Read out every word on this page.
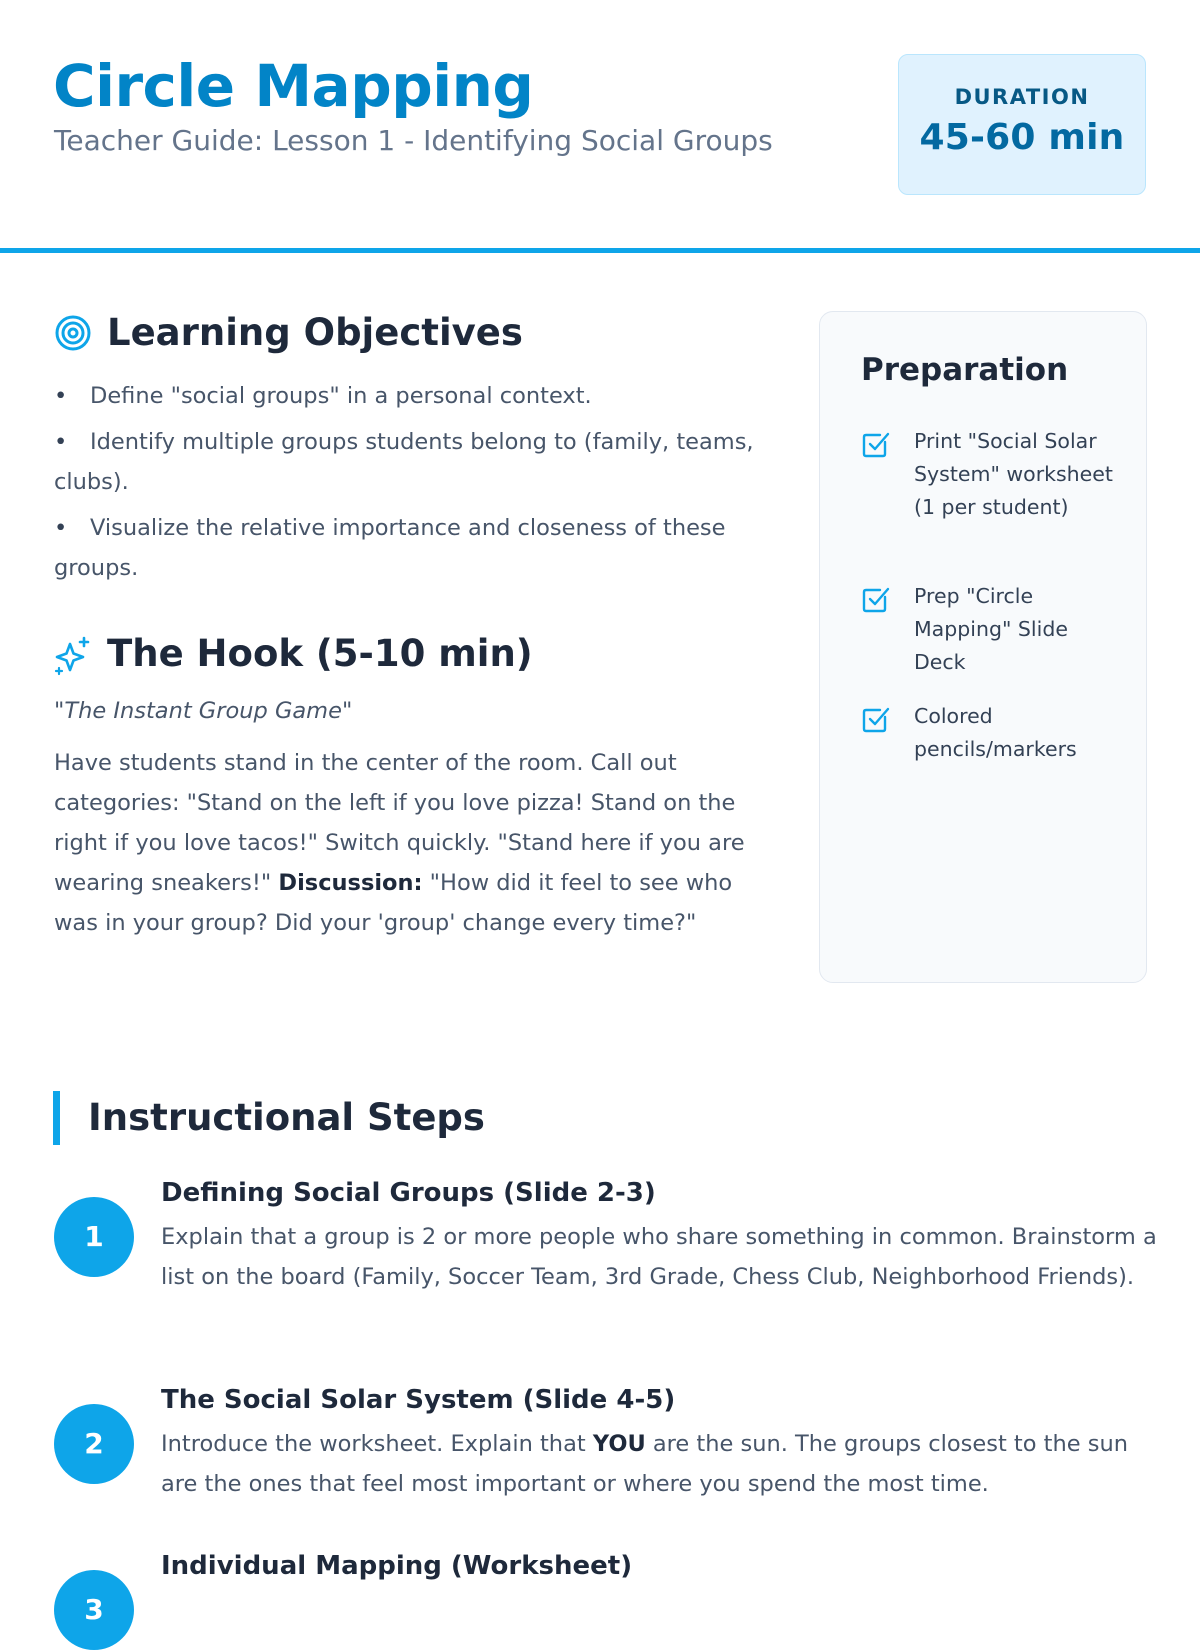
Circle Mapping
Teacher Guide: Lesson 1 - Identifying Social Groups
DURATION
45-60 min
Learning Objectives
• Define "social groups" in a personal context.
• Identify multiple groups students belong to (family, teams, clubs).
• Visualize the relative importance and closeness of these groups.
The Hook (5-10 min)
"The Instant Group Game"

Have students stand in the center of the room. Call out categories: "Stand on the left if you love pizza! Stand on the right if you love tacos!" Switch quickly. "Stand here if you are wearing sneakers!" Discussion: "How did it feel to see who was in your group? Did your 'group' change every time?"

Preparation
Print "Social Solar System" worksheet (1 per student)
Prep "Circle Mapping" Slide Deck
Colored pencils/markers
Instructional Steps
1
Defining Social Groups (Slide 2-3)

Explain that a group is 2 or more people who share something in common. Brainstorm a list on the board (Family, Soccer Team, 3rd Grade, Chess Club, Neighborhood Friends).

2
The Social Solar System (Slide 4-5)

Introduce the worksheet. Explain that YOU are the sun. The groups closest to the sun are the ones that feel most important or where you spend the most time.

3
Individual Mapping (Worksheet)
